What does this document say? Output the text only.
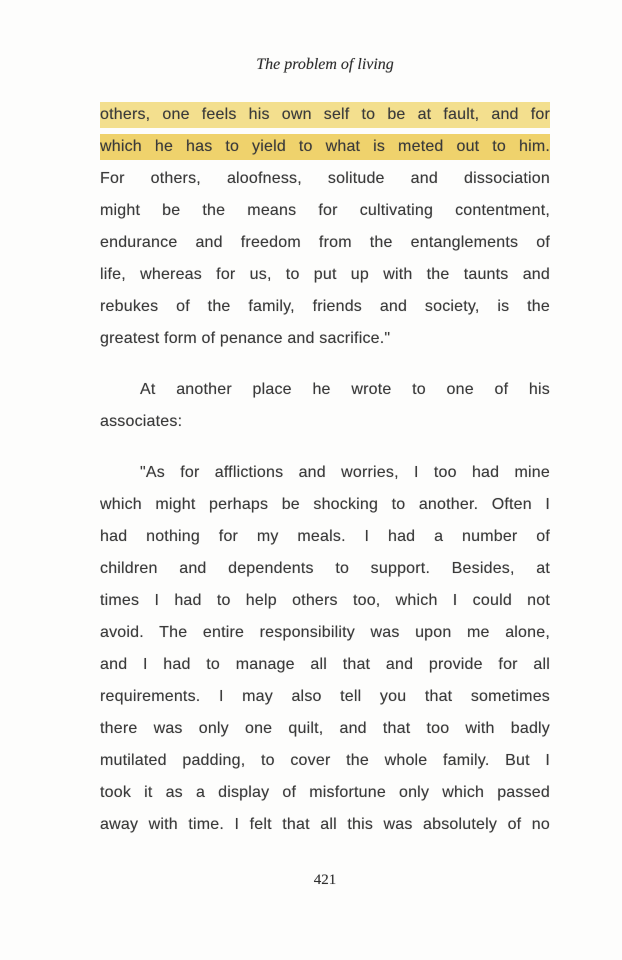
The problem of living
others, one feels his own self to be at fault, and for
which he has to yield to what is meted out to him.
For others, aloofness, solitude and dissociation
might be the means for cultivating contentment,
endurance and freedom from the entanglements of
life, whereas for us, to put up with the taunts and
rebukes of the family, friends and society, is the
greatest form of penance and sacrifice."
At another place he wrote to one of his
associates:
"As for afflictions and worries, I too had mine
which might perhaps be shocking to another. Often I
had nothing for my meals. I had a number of
children and dependents to support. Besides, at
times I had to help others too, which I could not
avoid. The entire responsibility was upon me alone,
and I had to manage all that and provide for all
requirements. I may also tell you that sometimes
there was only one quilt, and that too with badly
mutilated padding, to cover the whole family. But I
took it as a display of misfortune only which passed
away with time. I felt that all this was absolutely of no
421
